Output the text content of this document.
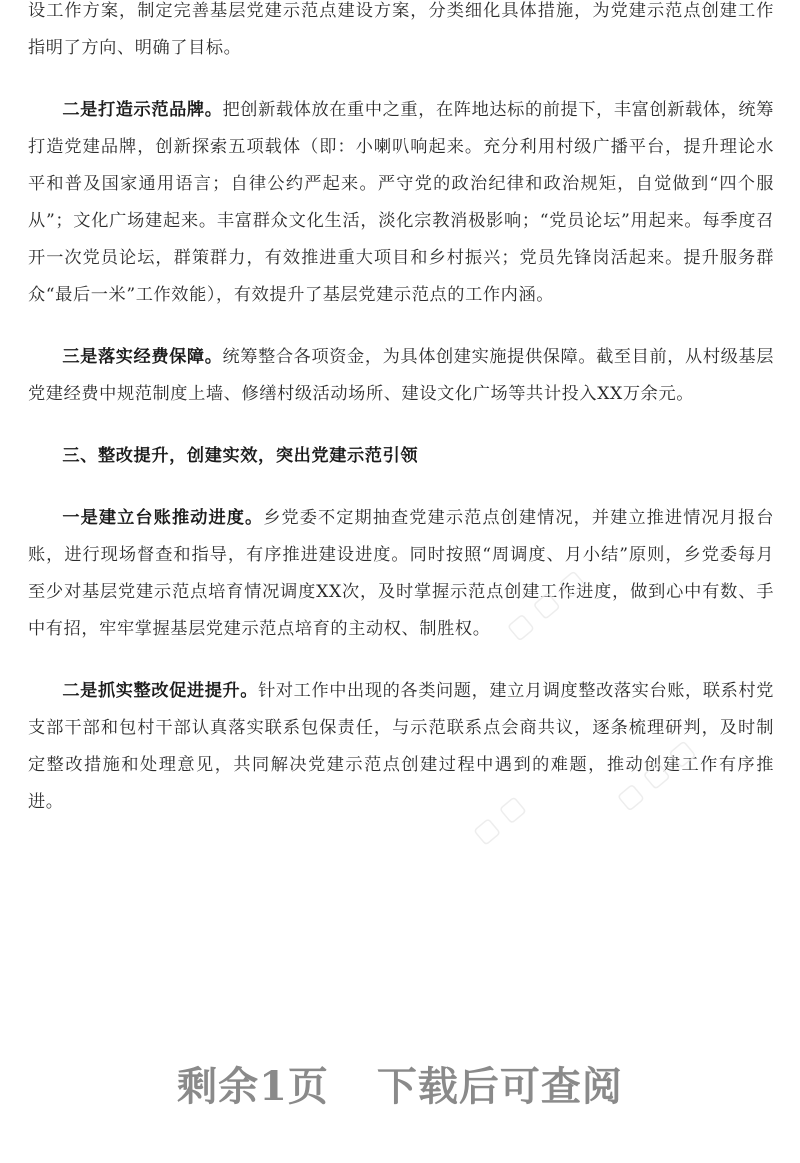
设工作方案，制定完善基层党建示范点建设方案，分类细化具体措施，为党建示范点创建工作指明了方向、明确了目标。

二是打造示范品牌。把创新载体放在重中之重，在阵地达标的前提下，丰富创新载体，统筹打造党建品牌，创新探索五项载体（即：小喇叭响起来。充分利用村级广播平台，提升理论水平和普及国家通用语言；自律公约严起来。严守党的政治纪律和政治规矩，自觉做到“四个服从”；文化广场建起来。丰富群众文化生活，淡化宗教消极影响；“党员论坛”用起来。每季度召开一次党员论坛，群策群力，有效推进重大项目和乡村振兴；党员先锋岗活起来。提升服务群众“最后一米”工作效能），有效提升了基层党建示范点的工作内涵。

三是落实经费保障。统筹整合各项资金，为具体创建实施提供保障。截至目前，从村级基层党建经费中规范制度上墙、修缮村级活动场所、建设文化广场等共计投入XX万余元。

三、整改提升，创建实效，突出党建示范引领

一是建立台账推动进度。乡党委不定期抽查党建示范点创建情况，并建立推进情况月报台账，进行现场督查和指导，有序推进建设进度。同时按照“周调度、月小结”原则，乡党委每月至少对基层党建示范点培育情况调度XX次，及时掌握示范点创建工作进度，做到心中有数、手中有招，牢牢掌握基层党建示范点培育的主动权、制胜权。

二是抓实整改促进提升。针对工作中出现的各类问题，建立月调度整改落实台账，联系村党支部干部和包村干部认真落实联系包保责任，与示范联系点会商共议，逐条梳理研判，及时制定整改措施和处理意见，共同解决党建示范点创建过程中遇到的难题，推动创建工作有序推进。

▢ ▢ ▢
▢ ▢ ▢
▢ ▢
剩余1页 下载后可查阅
